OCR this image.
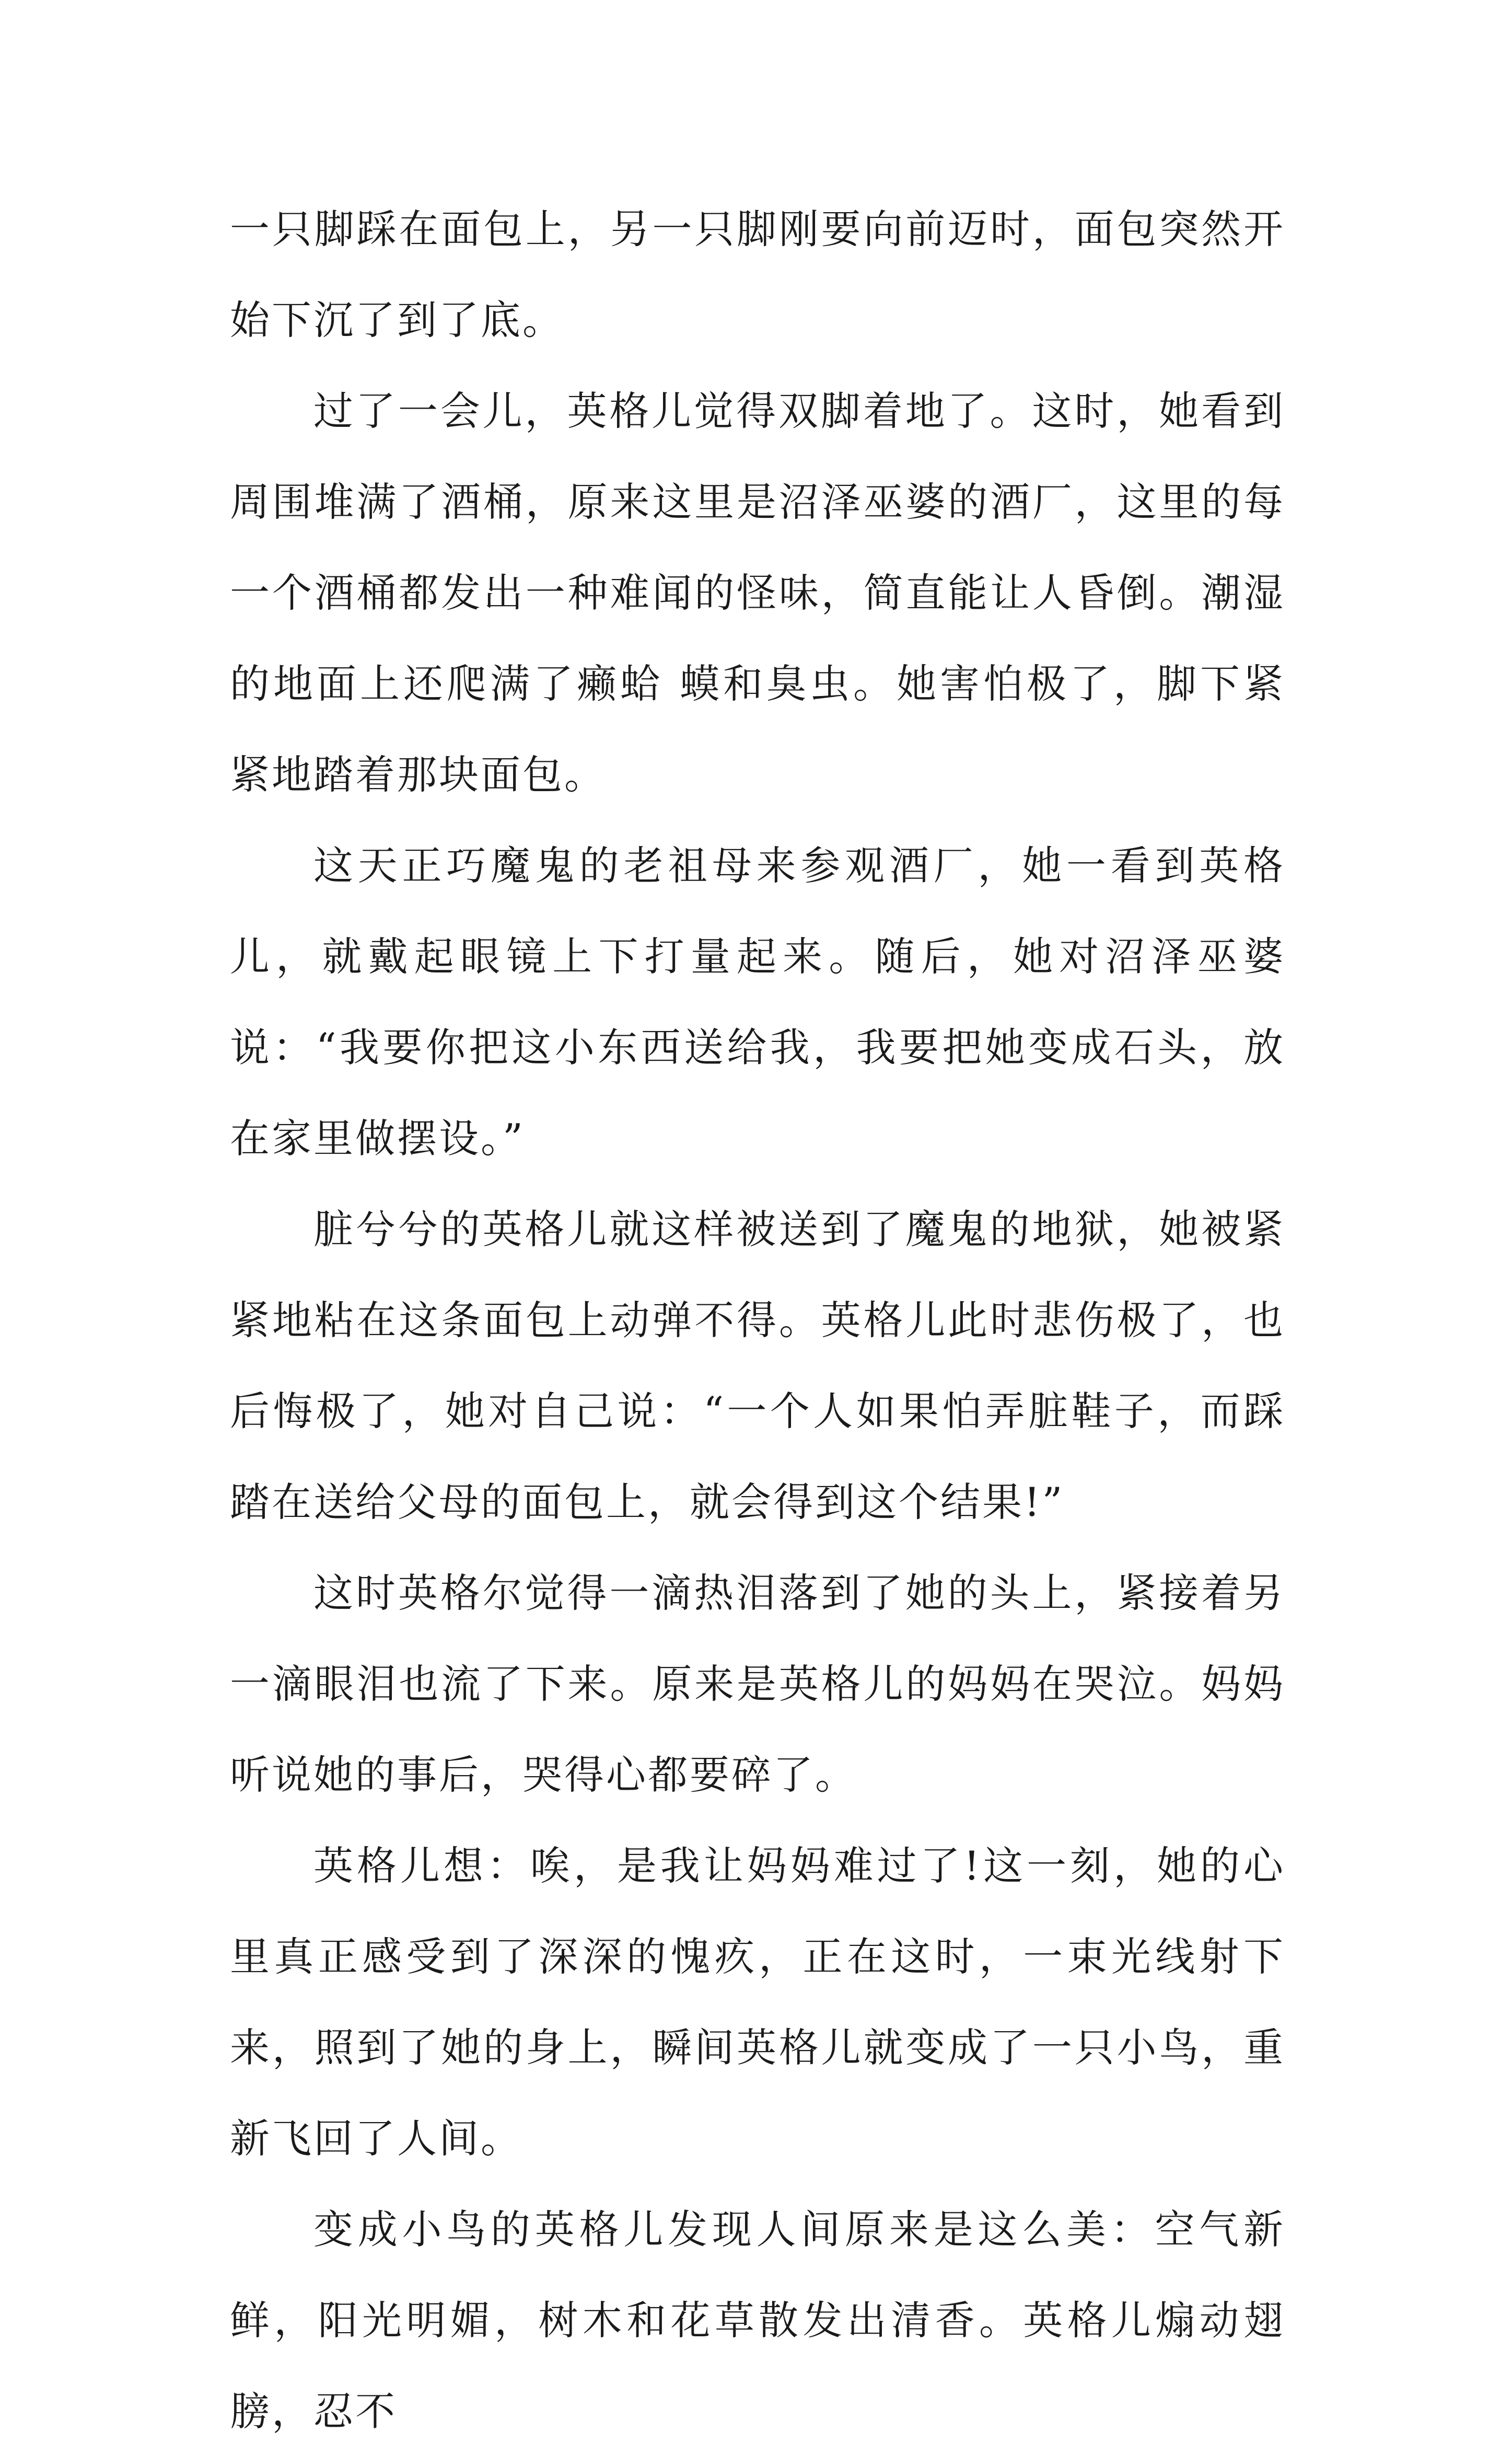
一只脚踩在面包上，另一只脚刚要向前迈时，面包突然开始下沉了到了底。

过了一会儿，英格儿觉得双脚着地了。这时，她看到周围堆满了酒桶，原来这里是沼泽巫婆的酒厂，这里的每一个酒桶都发出一种难闻的怪味，简直能让人昏倒。潮湿的地面上还爬满了癞蛤 蟆和臭虫。她害怕极了，脚下紧紧地踏着那块面包。

这天正巧魔鬼的老祖母来参观酒厂，她一看到英格儿，就戴起眼镜上下打量起来。随后，她对沼泽巫婆说：“我要你把这小东西送给我，我要把她变成石头，放在家里做摆设。”

脏兮兮的英格儿就这样被送到了魔鬼的地狱，她被紧紧地粘在这条面包上动弹不得。英格儿此时悲伤极了，也后悔极了，她对自己说：“一个人如果怕弄脏鞋子，而踩踏在送给父母的面包上，就会得到这个结果!”

这时英格尔觉得一滴热泪落到了她的头上，紧接着另一滴眼泪也流了下来。原来是英格儿的妈妈在哭泣。妈妈听说她的事后，哭得心都要碎了。

英格儿想：唉，是我让妈妈难过了!这一刻，她的心里真正感受到了深深的愧疚，正在这时，一束光线射下来，照到了她的身上，瞬间英格儿就变成了一只小鸟，重新飞回了人间。

变成小鸟的英格儿发现人间原来是这么美：空气新鲜，阳光明媚，树木和花草散发出清香。英格儿煽动翅膀，忍不
